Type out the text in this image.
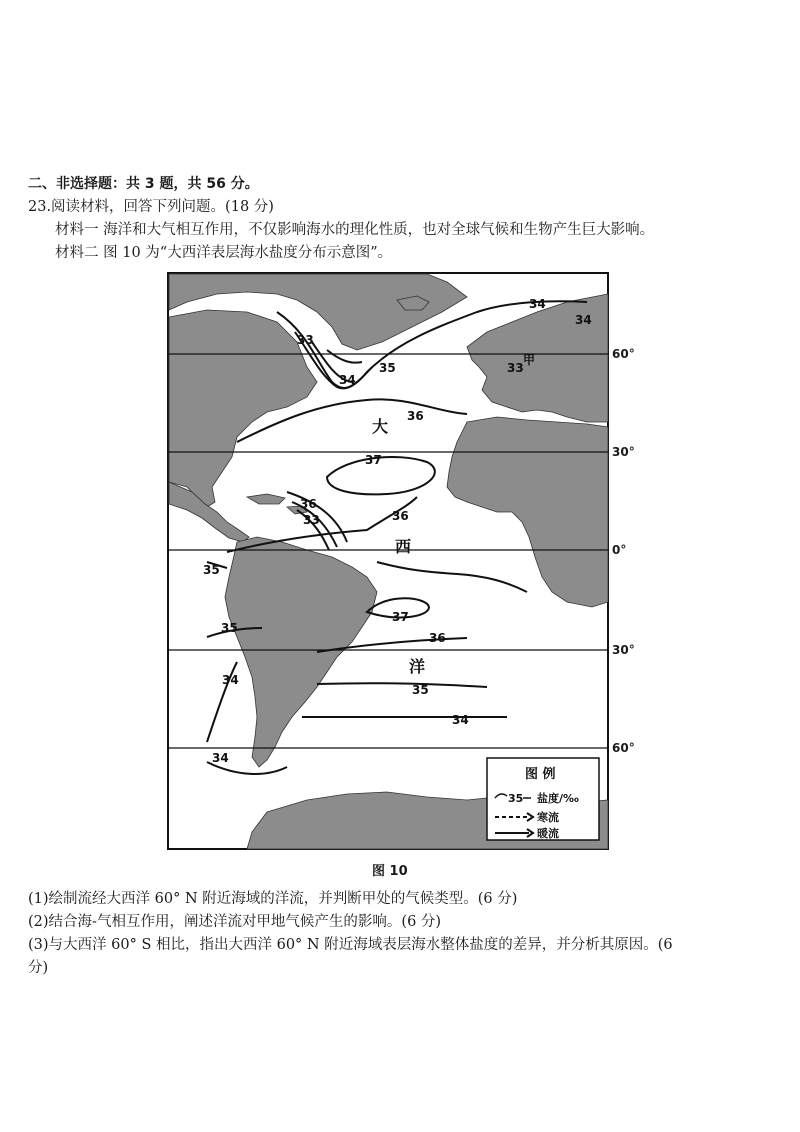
二、非选择题：共 3 题，共 56 分。
23.阅读材料，回答下列问题。(18 分)
材料一 海洋和大气相互作用，不仅影响海水的理化性质，也对全球气候和生物产生巨大影响。
材料二 图 10 为“大西洋表层海水盐度分布示意图”。
34
34
33
33
34
35
36
37
36
36
35
33
35
37
36
35
34
34
34
大
西
洋
甲
图 例
35 盐度/‰
寒流
暖流
60°
30°
0°
30°
60°
图 10
(1)绘制流经大西洋 60° N 附近海域的洋流，并判断甲处的气候类型。(6 分)
(2)结合海-气相互作用，阐述洋流对甲地气候产生的影响。(6 分)
(3)与大西洋 60° S 相比，指出大西洋 60° N 附近海域表层海水整体盐度的差异，并分析其原因。(6
分)
